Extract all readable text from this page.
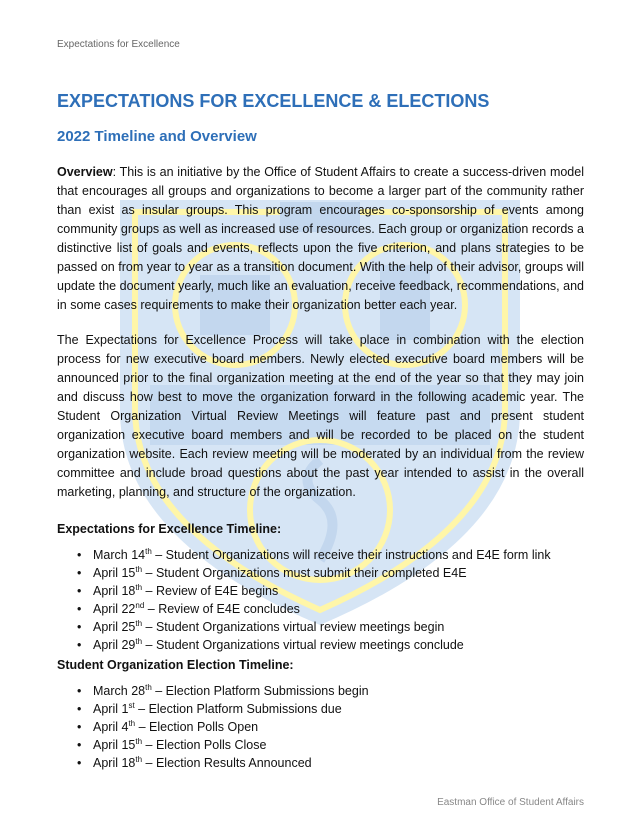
Expectations for Excellence
EXPECTATIONS FOR EXCELLENCE & ELECTIONS
2022 Timeline and Overview
Overview: This is an initiative by the Office of Student Affairs to create a success-driven model that encourages all groups and organizations to become a larger part of the community rather than exist as insular groups. This program encourages co-sponsorship of events among community groups as well as increased use of resources. Each group or organization records a distinctive list of goals and events, reflects upon the five criterion, and plans strategies to be passed on from year to year as a transition document. With the help of their advisor, groups will update the document yearly, much like an evaluation, receive feedback, recommendations, and in some cases requirements to make their organization better each year.
The Expectations for Excellence Process will take place in combination with the election process for new executive board members. Newly elected executive board members will be announced prior to the final organization meeting at the end of the year so that they may join and discuss how best to move the organization forward in the following academic year. The Student Organization Virtual Review Meetings will feature past and present student organization executive board members and will be recorded to be placed on the student organization website. Each review meeting will be moderated by an individual from the review committee and include broad questions about the past year intended to assist in the overall marketing, planning, and structure of the organization.
Expectations for Excellence Timeline:
• March 14th – Student Organizations will receive their instructions and E4E form link
• April 15th – Student Organizations must submit their completed E4E
• April 18th – Review of E4E begins
• April 22nd – Review of E4E concludes
• April 25th – Student Organizations virtual review meetings begin
• April 29th – Student Organizations virtual review meetings conclude
Student Organization Election Timeline:
• March 28th – Election Platform Submissions begin
• April 1st – Election Platform Submissions due
• April 4th – Election Polls Open
• April 15th – Election Polls Close
• April 18th – Election Results Announced
Eastman Office of Student Affairs
